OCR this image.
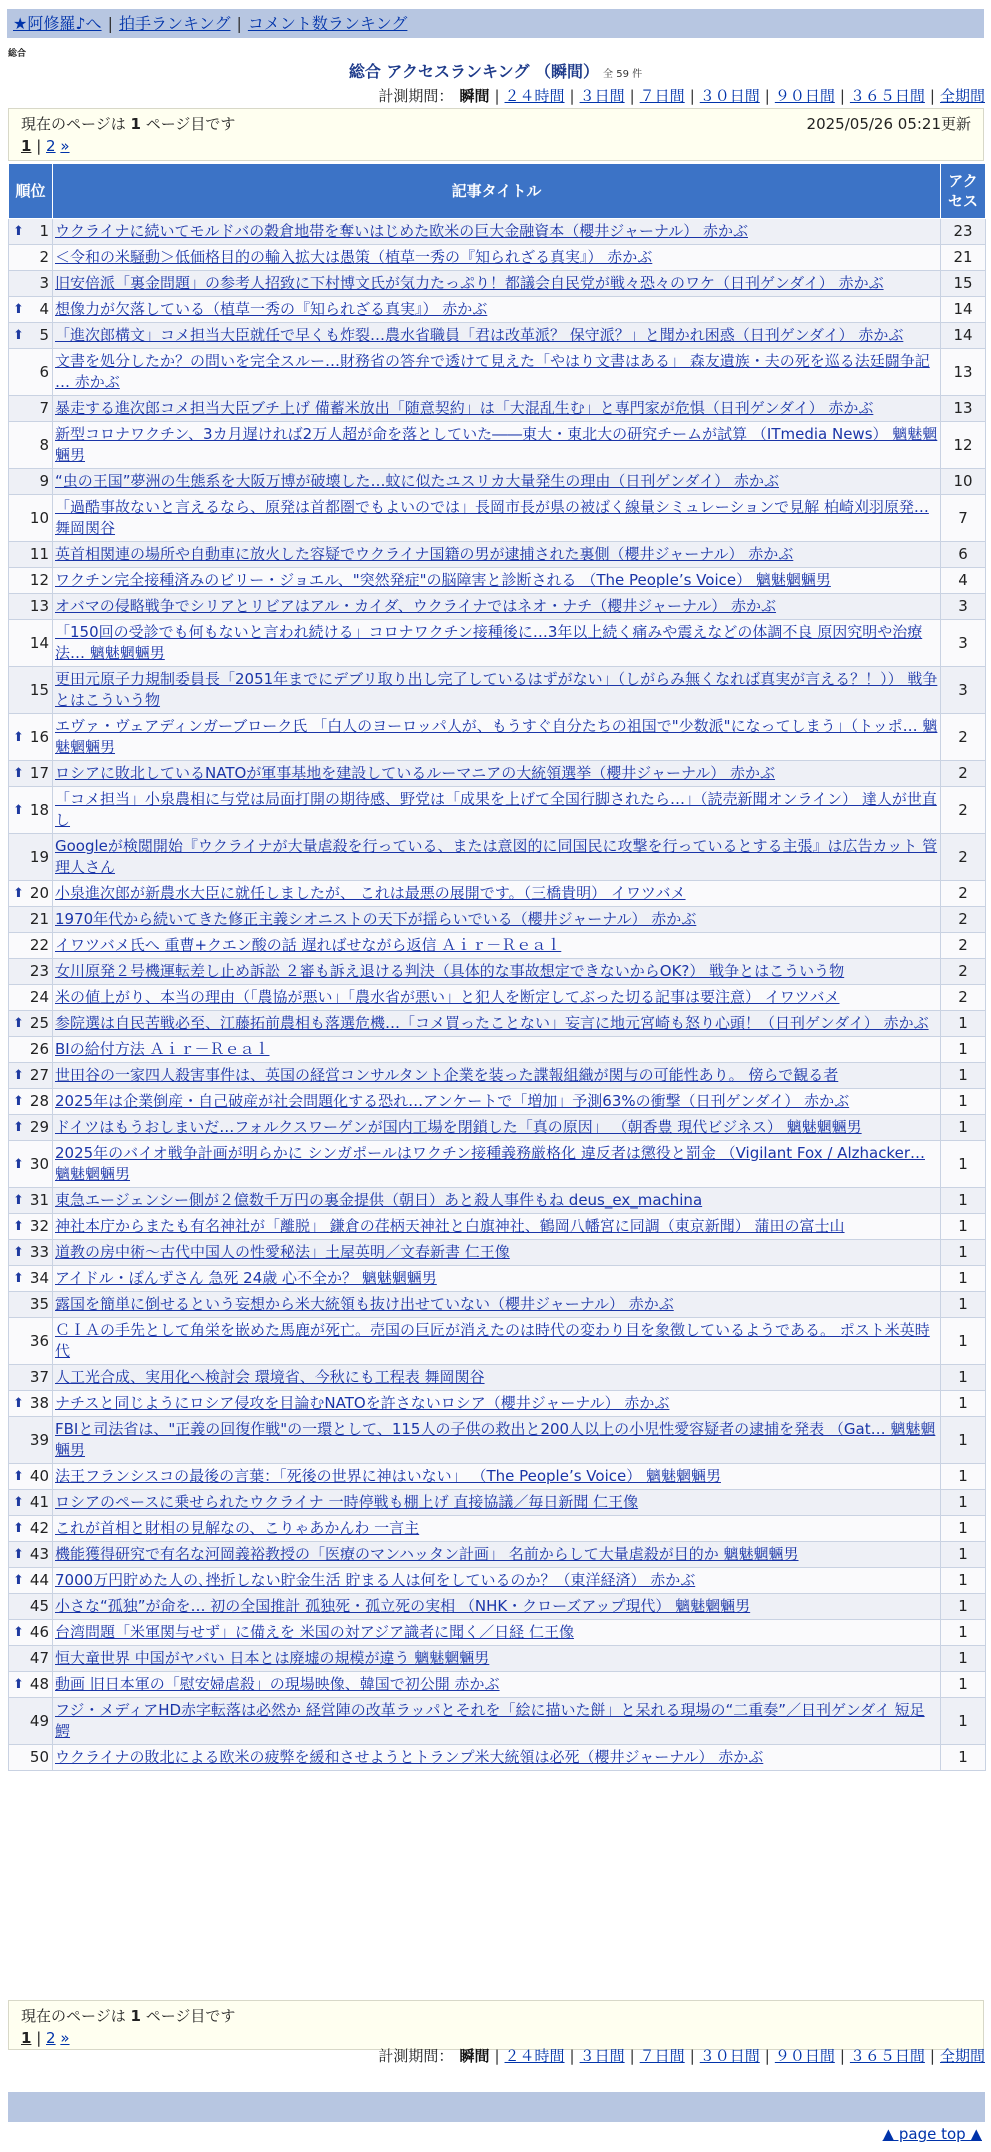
★阿修羅♪へ | 拍手ランキング | コメント数ランキング
総合
総合 アクセスランキング （瞬間） 全 59 件
計測期間： 瞬間 | ２４時間 | ３日間 | ７日間 | ３０日間 | ９０日間 | ３６５日間 | 全期間
現在のページは 1 ページ目です	2025/05/26 05:21更新
1 | 2 »
順位	記事タイトル	アクセス

⬆ 1	ウクライナに続いてモルドバの穀倉地帯を奪いはじめた欧米の巨大金融資本（櫻井ジャーナル） 赤かぶ	23
2	＜令和の米騒動＞低価格目的の輸入拡大は愚策（植草一秀の『知られざる真実』） 赤かぶ	21
3	旧安倍派「裏金問題」の参考人招致に下村博文氏が気力たっぷり！都議会自民党が戦々恐々のワケ（日刊ゲンダイ） 赤かぶ	15

⬆ 4	想像力が欠落している（植草一秀の『知られざる真実』） 赤かぶ	14

⬆ 5	「進次郎構文」コメ担当大臣就任で早くも炸裂…農水省職員「君は改革派？ 保守派？」と聞かれ困惑（日刊ゲンダイ） 赤かぶ	14
6	文書を処分したか？の問いを完全スルー…財務省の答弁で透けて見えた「やはり文書はある」 森友遺族・夫の死を巡る法廷闘争記 … 赤かぶ	13
7	暴走する進次郎コメ担当大臣ブチ上げ 備蓄米放出「随意契約」は「大混乱生む」と専門家が危惧（日刊ゲンダイ） 赤かぶ	13
8	新型コロナワクチン、3カ月遅ければ2万人超が命を落としていた――東大・東北大の研究チームが試算 （ITmedia News） 魑魅魍魎男	12
9	“虫の王国”夢洲の生態系を大阪万博が破壊した…蚊に似たユスリカ大量発生の理由（日刊ゲンダイ） 赤かぶ	10
10	「過酷事故ないと言えるなら、原発は首都圏でもよいのでは」長岡市長が県の被ばく線量シミュレーションで見解 柏崎刈羽原発… 舞岡関谷	7
11	英首相関連の場所や自動車に放火した容疑でウクライナ国籍の男が逮捕された裏側（櫻井ジャーナル） 赤かぶ	6
12	ワクチン完全接種済みのビリー・ジョエル、"突然発症"の脳障害と診断される （The People’s Voice） 魑魅魍魎男	4
13	オバマの侵略戦争でシリアとリビアはアル・カイダ、ウクライナではネオ・ナチ（櫻井ジャーナル） 赤かぶ	3
14	「150回の受診でも何もないと言われ続ける」コロナワクチン接種後に…3年以上続く痛みや震えなどの体調不良 原因究明や治療法… 魑魅魍魎男	3
15	更田元原子力規制委員長「2051年までにデブリ取り出し完了しているはずがない」（しがらみ無くなれば真実が言える？！）） 戦争とはこういう物	3

⬆ 16	エヴァ・ヴェアディンガーブローク氏 「白人のヨーロッパ人が、もうすぐ自分たちの祖国で"少数派"になってしまう」（トッポ… 魑魅魍魎男	2

⬆ 17	ロシアに敗北しているNATOが軍事基地を建設しているルーマニアの大統領選挙（櫻井ジャーナル） 赤かぶ	2

⬆ 18	「コメ担当」小泉農相に与党は局面打開の期待感、野党は「成果を上げて全国行脚されたら…」（読売新聞オンライン） 達人が世直し	2
19	Googleが検閲開始『ウクライナが大量虐殺を行っている、または意図的に同国民に攻撃を行っているとする主張』は広告カット 管理人さん	2

⬆ 20	小泉進次郎が新農水大臣に就任しましたが、 これは最悪の展開です。（三橋貴明） イワツバメ	2
21	1970年代から続いてきた修正主義シオニストの天下が揺らいでいる（櫻井ジャーナル） 赤かぶ	2
22	イワツバメ氏へ 重曹+クエン酸の話 遅ればせながら返信 Ａｉｒ－Ｒｅａｌ	2
23	女川原発２号機運転差し止め訴訟 ２審も訴え退ける判決（具体的な事故想定できないからOK?） 戦争とはこういう物	2
24	米の値上がり、本当の理由（「農協が悪い」「農水省が悪い」と犯人を断定してぶった切る記事は要注意） イワツバメ	2

⬆ 25	参院選は自民苦戦必至、江藤拓前農相も落選危機…「コメ買ったことない」妄言に地元宮崎も怒り心頭！（日刊ゲンダイ） 赤かぶ	1
26	BIの給付方法 Ａｉｒ－Ｒｅａｌ	1

⬆ 27	世田谷の一家四人殺害事件は、英国の経営コンサルタント企業を装った諜報組織が関与の可能性あり。 傍らで観る者	1

⬆ 28	2025年は企業倒産・自己破産が社会問題化する恐れ…アンケートで「増加」予測63%の衝撃（日刊ゲンダイ） 赤かぶ	1

⬆ 29	ドイツはもうおしまいだ…フォルクスワーゲンが国内工場を閉鎖した「真の原因」 （朝香豊 現代ビジネス） 魑魅魍魎男	1

⬆ 30	2025年のバイオ戦争計画が明らかに シンガポールはワクチン接種義務厳格化 違反者は懲役と罰金 （Vigilant Fox / Alzhacker… 魑魅魍魎男	1

⬆ 31	東急エージェンシー側が２億数千万円の裏金提供（朝日）あと殺人事件もね deus_ex_machina	1

⬆ 32	神社本庁からまたも有名神社が「離脱」 鎌倉の荏柄天神社と白旗神社、鶴岡八幡宮に同調（東京新聞） 蒲田の富士山	1

⬆ 33	道教の房中術～古代中国人の性愛秘法」土屋英明／文春新書 仁王像	1

⬆ 34	アイドル・ぽんずさん 急死 24歳 心不全か？ 魑魅魍魎男	1
35	露国を簡単に倒せるという妄想から米大統領も抜け出せていない（櫻井ジャーナル） 赤かぶ	1
36	ＣＩＡの手先として角栄を嵌めた馬鹿が死亡。売国の巨匠が消えたのは時代の変わり目を象徴しているようである。 ポスト米英時代	1
37	人工光合成、実用化へ検討会 環境省、今秋にも工程表 舞岡関谷	1

⬆ 38	ナチスと同じようにロシア侵攻を目論むNATOを許さないロシア（櫻井ジャーナル） 赤かぶ	1
39	FBIと司法省は、"正義の回復作戦"の一環として、115人の子供の救出と200人以上の小児性愛容疑者の逮捕を発表 （Gat… 魑魅魍魎男	1

⬆ 40	法王フランシスコの最後の言葉：「死後の世界に神はいない」 （The People’s Voice） 魑魅魍魎男	1

⬆ 41	ロシアのペースに乗せられたウクライナ 一時停戦も棚上げ 直接協議／毎日新聞 仁王像	1

⬆ 42	これが首相と財相の見解なの、こりゃあかんわ 一言主	1

⬆ 43	機能獲得研究で有名な河岡義裕教授の「医療のマンハッタン計画」 名前からして大量虐殺が目的か 魑魅魍魎男	1

⬆ 44	7000万円貯めた人の､挫折しない貯金生活 貯まる人は何をしているのか？（東洋経済） 赤かぶ	1
45	小さな“孤独”が命を… 初の全国推計 孤独死・孤立死の実相 （NHK・クローズアップ現代） 魑魅魍魎男	1

⬆ 46	台湾問題「米軍関与せず」に備えを 米国の対アジア識者に聞く／日経 仁王像	1
47	恒大童世界 中国がヤバい 日本とは廃墟の規模が違う 魑魅魍魎男	1

⬆ 48	動画 旧日本軍の「慰安婦虐殺」の現場映像、韓国で初公開 赤かぶ	1
49	フジ・メディアHD赤字転落は必然か 経営陣の改革ラッパとそれを「絵に描いた餅」と呆れる現場の“二重奏”／日刊ゲンダイ 短足鰐	1
50	ウクライナの敗北による欧米の疲弊を緩和させようとトランプ米大統領は必死（櫻井ジャーナル） 赤かぶ	1
現在のページは 1 ページ目です
1 | 2 »
計測期間： 瞬間 | ２４時間 | ３日間 | ７日間 | ３０日間 | ９０日間 | ３６５日間 | 全期間
▲ page top ▲
